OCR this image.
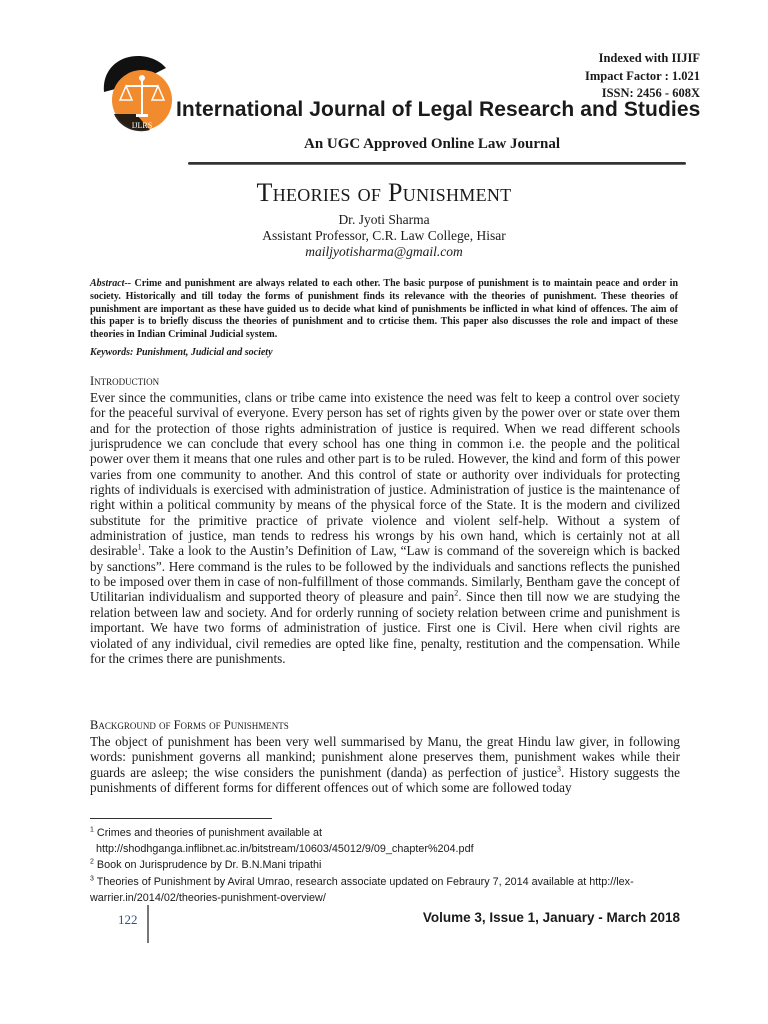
IJLRS
Indexed with IIJIF
Impact Factor : 1.021
ISSN: 2456 - 608X
International Journal of Legal Research and Studies
An UGC Approved Online Law Journal
Theories of Punishment
Dr. Jyoti Sharma
Assistant Professor, C.R. Law College, Hisar
mailjyotisharma@gmail.com
Abstract-- Crime and punishment are always related to each other. The basic purpose of punishment is to maintain peace and order in society. Historically and till today the forms of punishment finds its relevance with the theories of punishment. These theories of punishment are important as these have guided us to decide what kind of punishments be inflicted in what kind of offences. The aim of this paper is to briefly discuss the theories of punishment and to crticise them. This paper also discusses the role and impact of these theories in Indian Criminal Judicial system.
Keywords: Punishment, Judicial and society
Introduction
Ever since the communities, clans or tribe came into existence the need was felt to keep a control over society for the peaceful survival of everyone. Every person has set of rights given by the power over or state over them and for the protection of those rights administration of justice is required. When we read different schools jurisprudence we can conclude that every school has one thing in common i.e. the people and the political power over them it means that one rules and other part is to be ruled. However, the kind and form of this power varies from one community to another. And this control of state or authority over individuals for protecting rights of individuals is exercised with administration of justice. Administration of justice is the maintenance of right within a political community by means of the physical force of the State. It is the modern and civilized substitute for the primitive practice of private violence and violent self-help. Without a system of administration of justice, man tends to redress his wrongs by his own hand, which is certainly not at all desirable$^1$. Take a look to the Austin’s Definition of Law, “Law is command of the sovereign which is backed by sanctions”. Here command is the rules to be followed by the individuals and sanctions reflects the punished to be imposed over them in case of non-fulfillment of those commands. Similarly, Bentham gave the concept of Utilitarian individualism and supported theory of pleasure and pain$^2$. Since then till now we are studying the relation between law and society. And for orderly running of society relation between crime and punishment is important. We have two forms of administration of justice. First one is Civil. Here when civil rights are violated of any individual, civil remedies are opted like fine, penalty, restitution and the compensation. While for the crimes there are punishments.
Background of Forms of Punishments
The object of punishment has been very well summarised by Manu, the great Hindu law giver, in following words: punishment governs all mankind; punishment alone preserves them, punishment wakes while their guards are asleep; the wise considers the punishment (danda) as perfection of justice$^3$. History suggests the punishments of different forms for different offences out of which some are followed today
$^1$ Crimes and theories of punishment available at
http://shodhganga.inflibnet.ac.in/bitstream/10603/45012/9/09_chapter%204.pdf
$^2$ Book on Jurisprudence by Dr. B.N.Mani tripathi
$^3$ Theories of Punishment by Aviral Umrao, research associate updated on Febraury 7, 2014 available at http://lex-
warrier.in/2014/02/theories-punishment-overview/
122	Volume 3, Issue 1, January - March 2018
